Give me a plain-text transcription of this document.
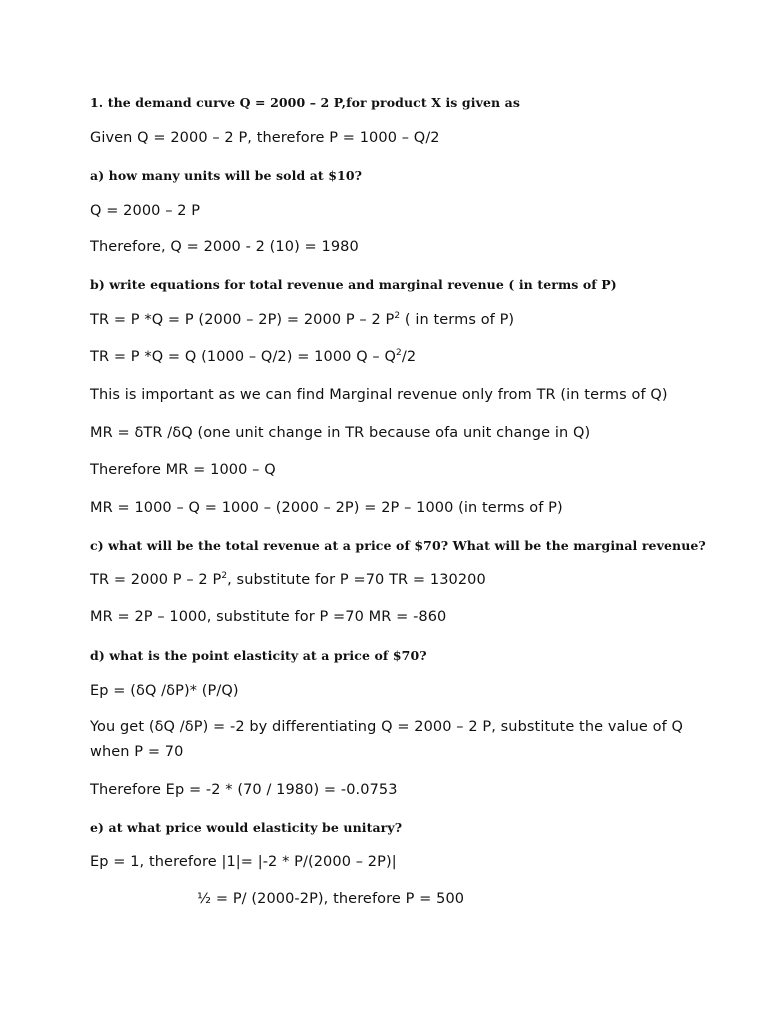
1. the demand curve Q = 2000 – 2 P,for product X is given as
Given Q = 2000 – 2 P, therefore P = 1000 – Q/2
a) how many units will be sold at $10?
Q = 2000 – 2 P
Therefore, Q = 2000 - 2 (10) = 1980
b) write equations for total revenue and marginal revenue ( in terms of P)
TR = P *Q = P (2000 – 2P) = 2000 P – 2 $P^2$ ( in terms of P)
TR = P *Q = Q (1000 – Q/2) = 1000 Q – $Q^2/2$
This is important as we can find Marginal revenue only from TR (in terms of Q)
MR = δTR /δQ (one unit change in TR because ofa unit change in Q)
Therefore MR = 1000 – Q
MR = 1000 – Q = 1000 – (2000 – 2P) = 2P – 1000 (in terms of P)
c) what will be the total revenue at a price of $70? What will be the marginal revenue?
TR = 2000 P – 2 $P^2$, substitute for P =70 TR = 130200
MR = 2P – 1000, substitute for P =70 MR = -860
d) what is the point elasticity at a price of $70?
Ep = (δQ /δP)* (P/Q)
You get (δQ /δP) = -2 by differentiating Q = 2000 – 2 P, substitute the value of Q
when P = 70
Therefore Ep = -2 * (70 / 1980) = -0.0753
e) at what price would elasticity be unitary?
Ep = 1, therefore |1|= |-2 * P/(2000 – 2P)|
½ = P/ (2000-2P), therefore P = 500
